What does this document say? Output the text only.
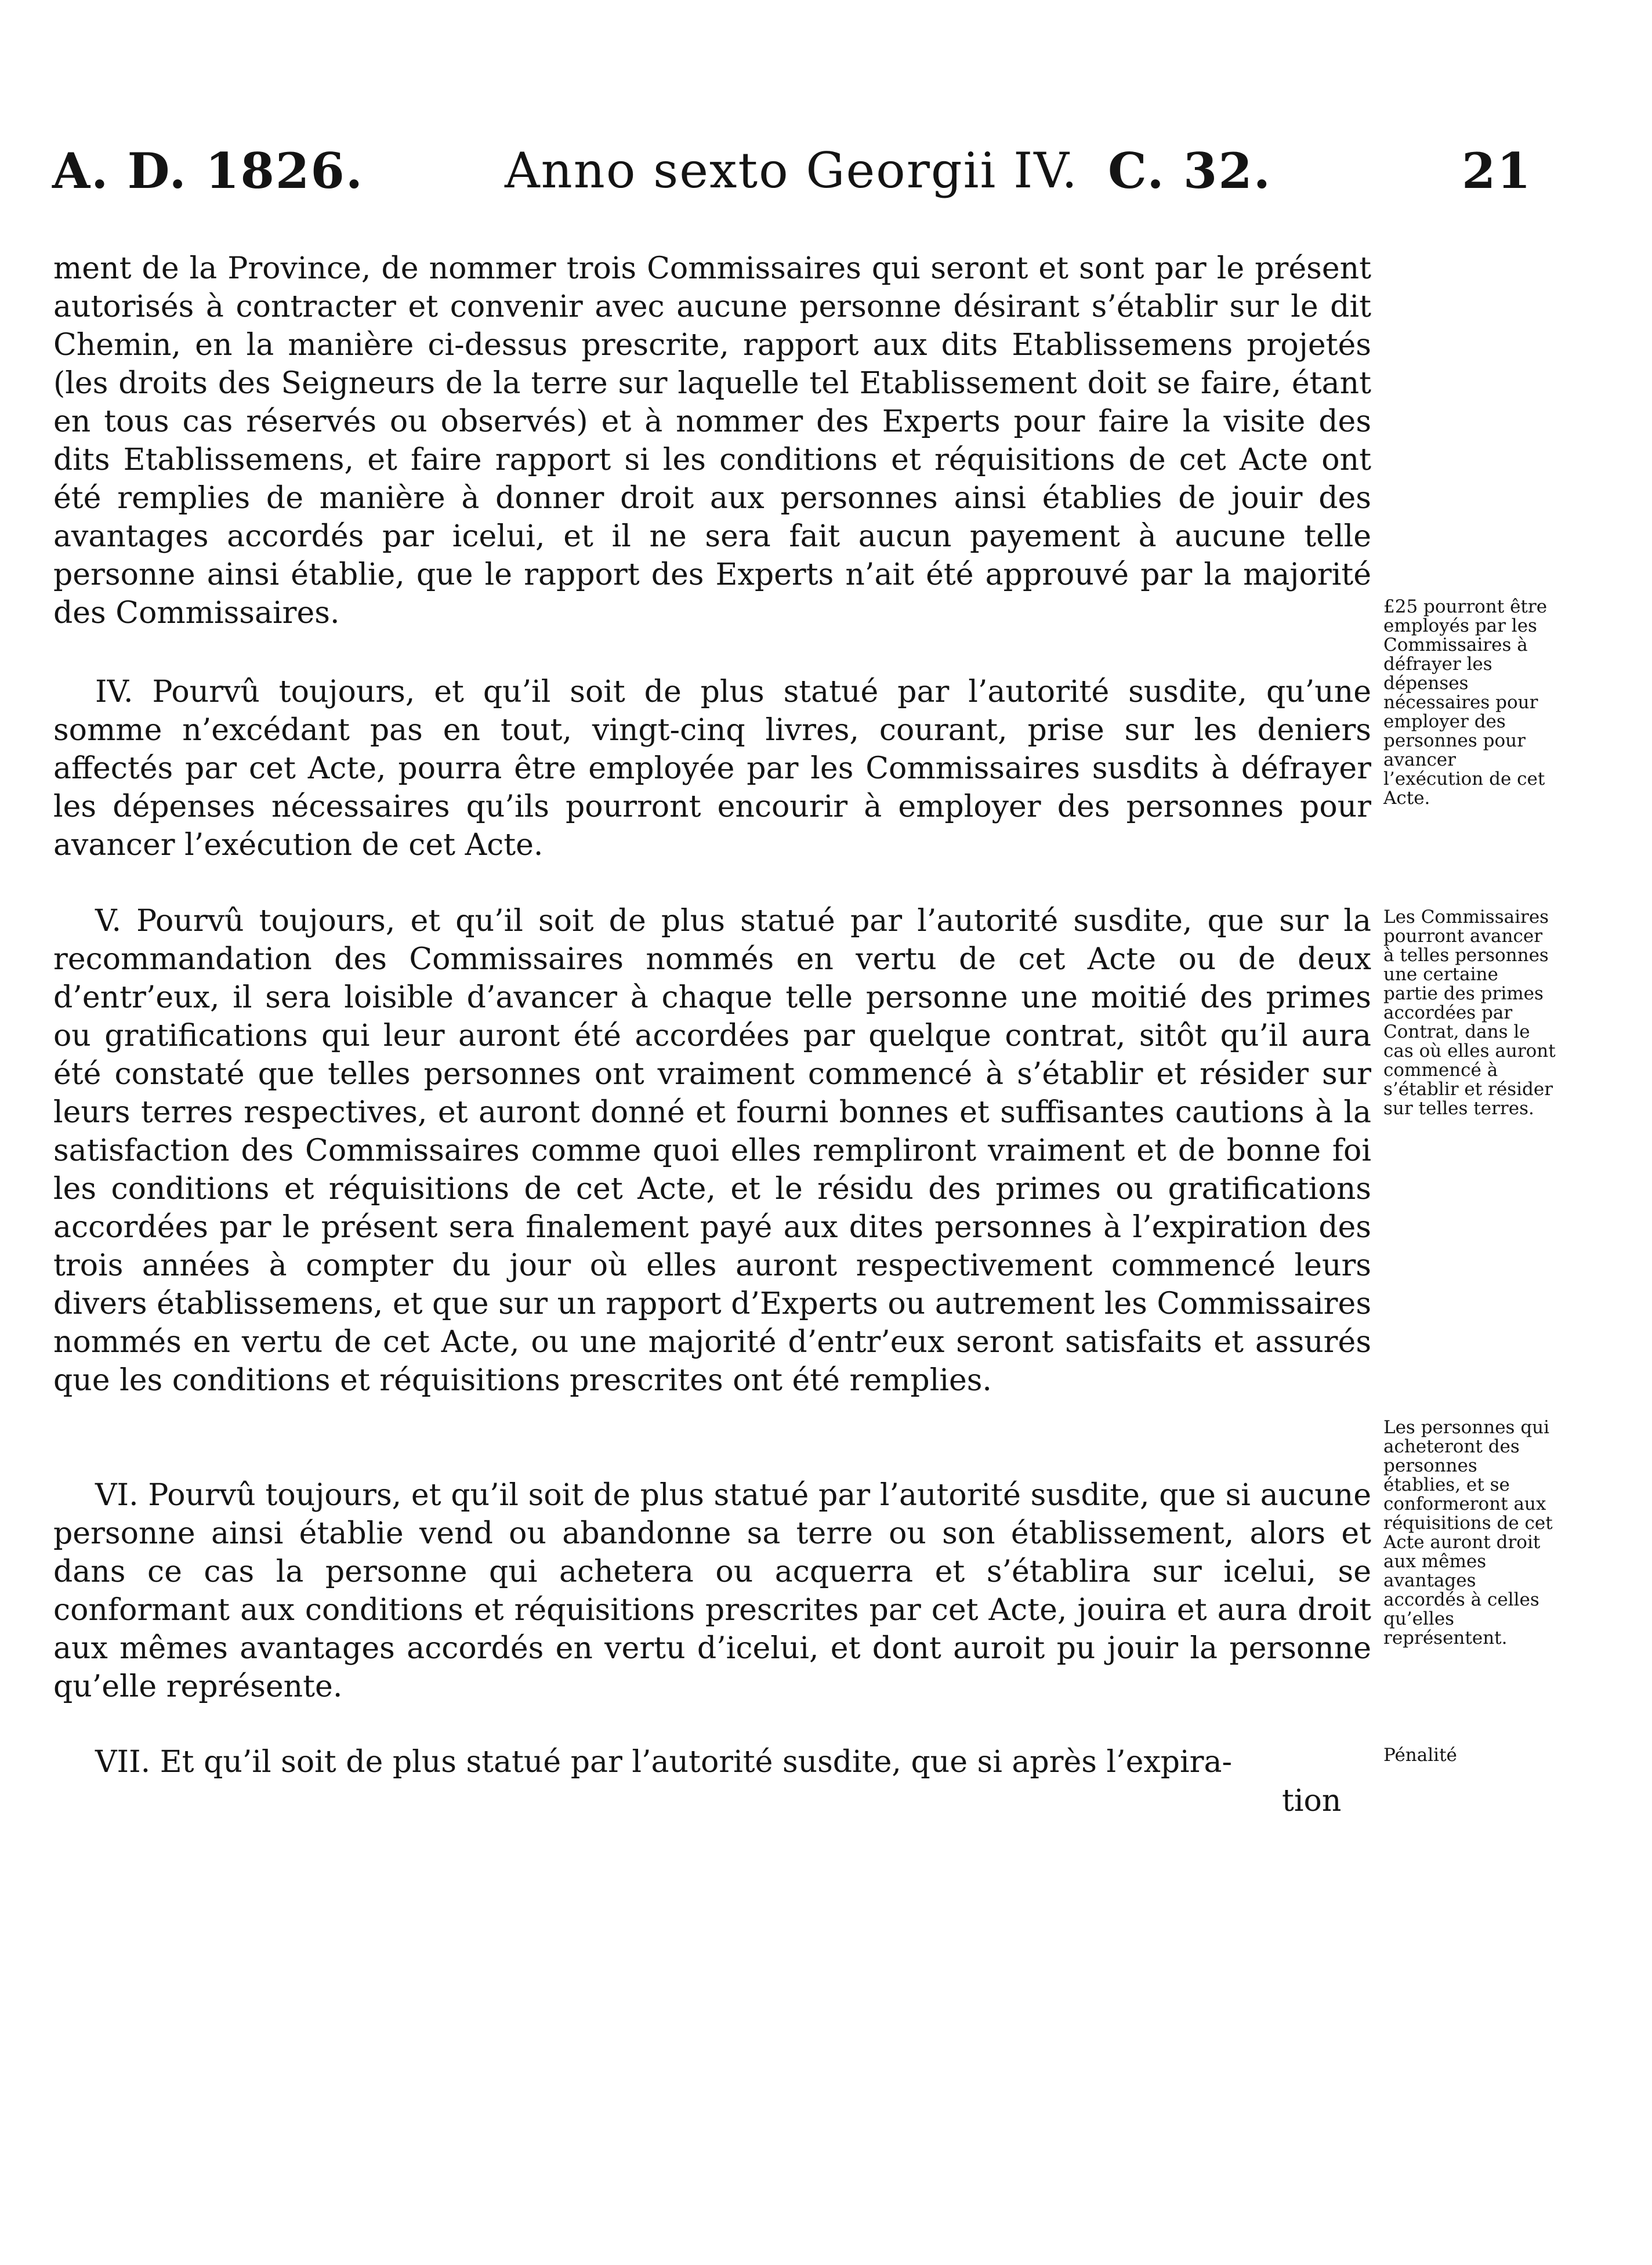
A. D. 1826.	Anno sexto Georgii IV. C. 32.	21

ment de la Province, de nommer trois Commissaires qui seront et sont par le présent autorisés à contracter et convenir avec aucune personne désirant s’établir sur le dit Chemin, en la manière ci-dessus prescrite, rapport aux dits Etablissemens projetés (les droits des Seigneurs de la terre sur laquelle tel Etablissement doit se faire, étant en tous cas réservés ou observés) et à nommer des Experts pour faire la visite des dits Etablissemens, et faire rapport si les conditions et réquisitions de cet Acte ont été remplies de manière à donner droit aux personnes ainsi établies de jouir des avantages accordés par icelui, et il ne sera fait aucun payement à aucune telle personne ainsi établie, que le rapport des Experts n’ait été approuvé par la majorité des Commissaires.

IV. Pourvû toujours, et qu’il soit de plus statué par l’autorité susdite, qu’une somme n’excédant pas en tout, vingt-cinq livres, courant, prise sur les deniers affectés par cet Acte, pourra être employée par les Commissaires susdits à défrayer les dépenses nécessaires qu’ils pourront encourir à employer des personnes pour avancer l’exécution de cet Acte.

V. Pourvû toujours, et qu’il soit de plus statué par l’autorité susdite, que sur la recommandation des Commissaires nommés en vertu de cet Acte ou de deux d’entr’eux, il sera loisible d’avancer à chaque telle personne une moitié des primes ou gratifications qui leur auront été accordées par quelque contrat, sitôt qu’il aura été constaté que telles personnes ont vraiment commencé à s’établir et résider sur leurs terres respectives, et auront donné et fourni bonnes et suffisantes cautions à la satisfaction des Commissaires comme quoi elles rempliront vraiment et de bonne foi les conditions et réquisitions de cet Acte, et le résidu des primes ou gratifications accordées par le présent sera finalement payé aux dites personnes à l’expiration des trois années à compter du jour où elles auront respectivement commencé leurs divers établissemens, et que sur un rapport d’Experts ou autrement les Commissaires nommés en vertu de cet Acte, ou une majorité d’entr’eux seront satisfaits et assurés que les conditions et réquisitions prescrites ont été remplies.

VI. Pourvû toujours, et qu’il soit de plus statué par l’autorité susdite, que si aucune personne ainsi établie vend ou abandonne sa terre ou son établissement, alors et dans ce cas la personne qui achetera ou acquerra et s’établira sur icelui, se conformant aux conditions et réquisitions prescrites par cet Acte, jouira et aura droit aux mêmes avantages accordés en vertu d’icelui, et dont auroit pu jouir la personne qu’elle représente.

VII. Et qu’il soit de plus statué par l’autorité susdite, que si après l’expira-

tion
£25 pourront être employés par les Commissaires à défrayer les dépenses nécessaires pour employer des personnes pour avancer l’exécution de cet Acte.
Les Commissaires pourront avancer à telles personnes une certaine partie des primes accordées par Contrat, dans le cas où elles auront commencé à s’établir et résider sur telles terres.
Les personnes qui acheteront des personnes établies, et se conformeront aux réquisitions de cet Acte auront droit aux mêmes avantages accordés à celles qu’elles représentent.
Pénalité
